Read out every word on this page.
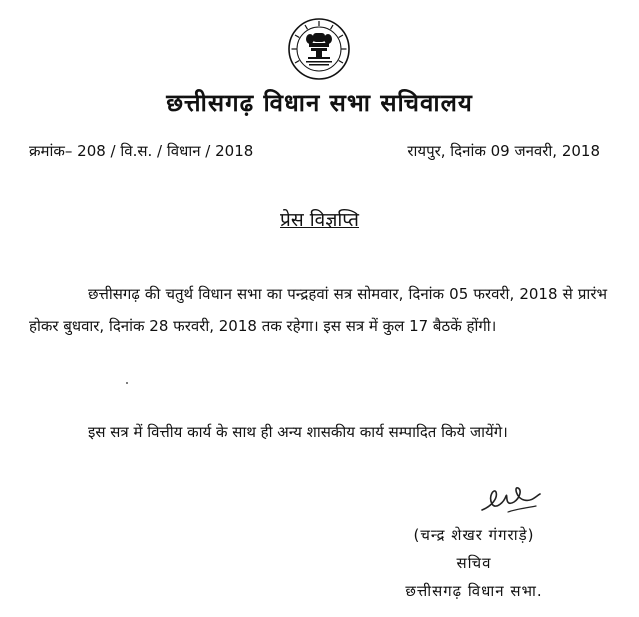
छत्तीसगढ़ विधान सभा सचिवालय
क्रमांक– 208 / वि.स. / विधान / 2018	रायपुर, दिनांक 09 जनवरी, 2018
प्रेस विज्ञप्ति
छत्तीसगढ़ की चतुर्थ विधान सभा का पन्द्रहवां सत्र सोमवार, दिनांक 05 फरवरी, 2018 से प्रारंभ होकर बुधवार, दिनांक 28 फरवरी, 2018 तक रहेगा। इस सत्र में कुल 17 बैठकें होंगी।
इस सत्र में वित्तीय कार्य के साथ ही अन्य शासकीय कार्य सम्पादित किये जायेंगे।
(चन्द्र शेखर गंगराड़े)
सचिव
छत्तीसगढ़ विधान सभा.
